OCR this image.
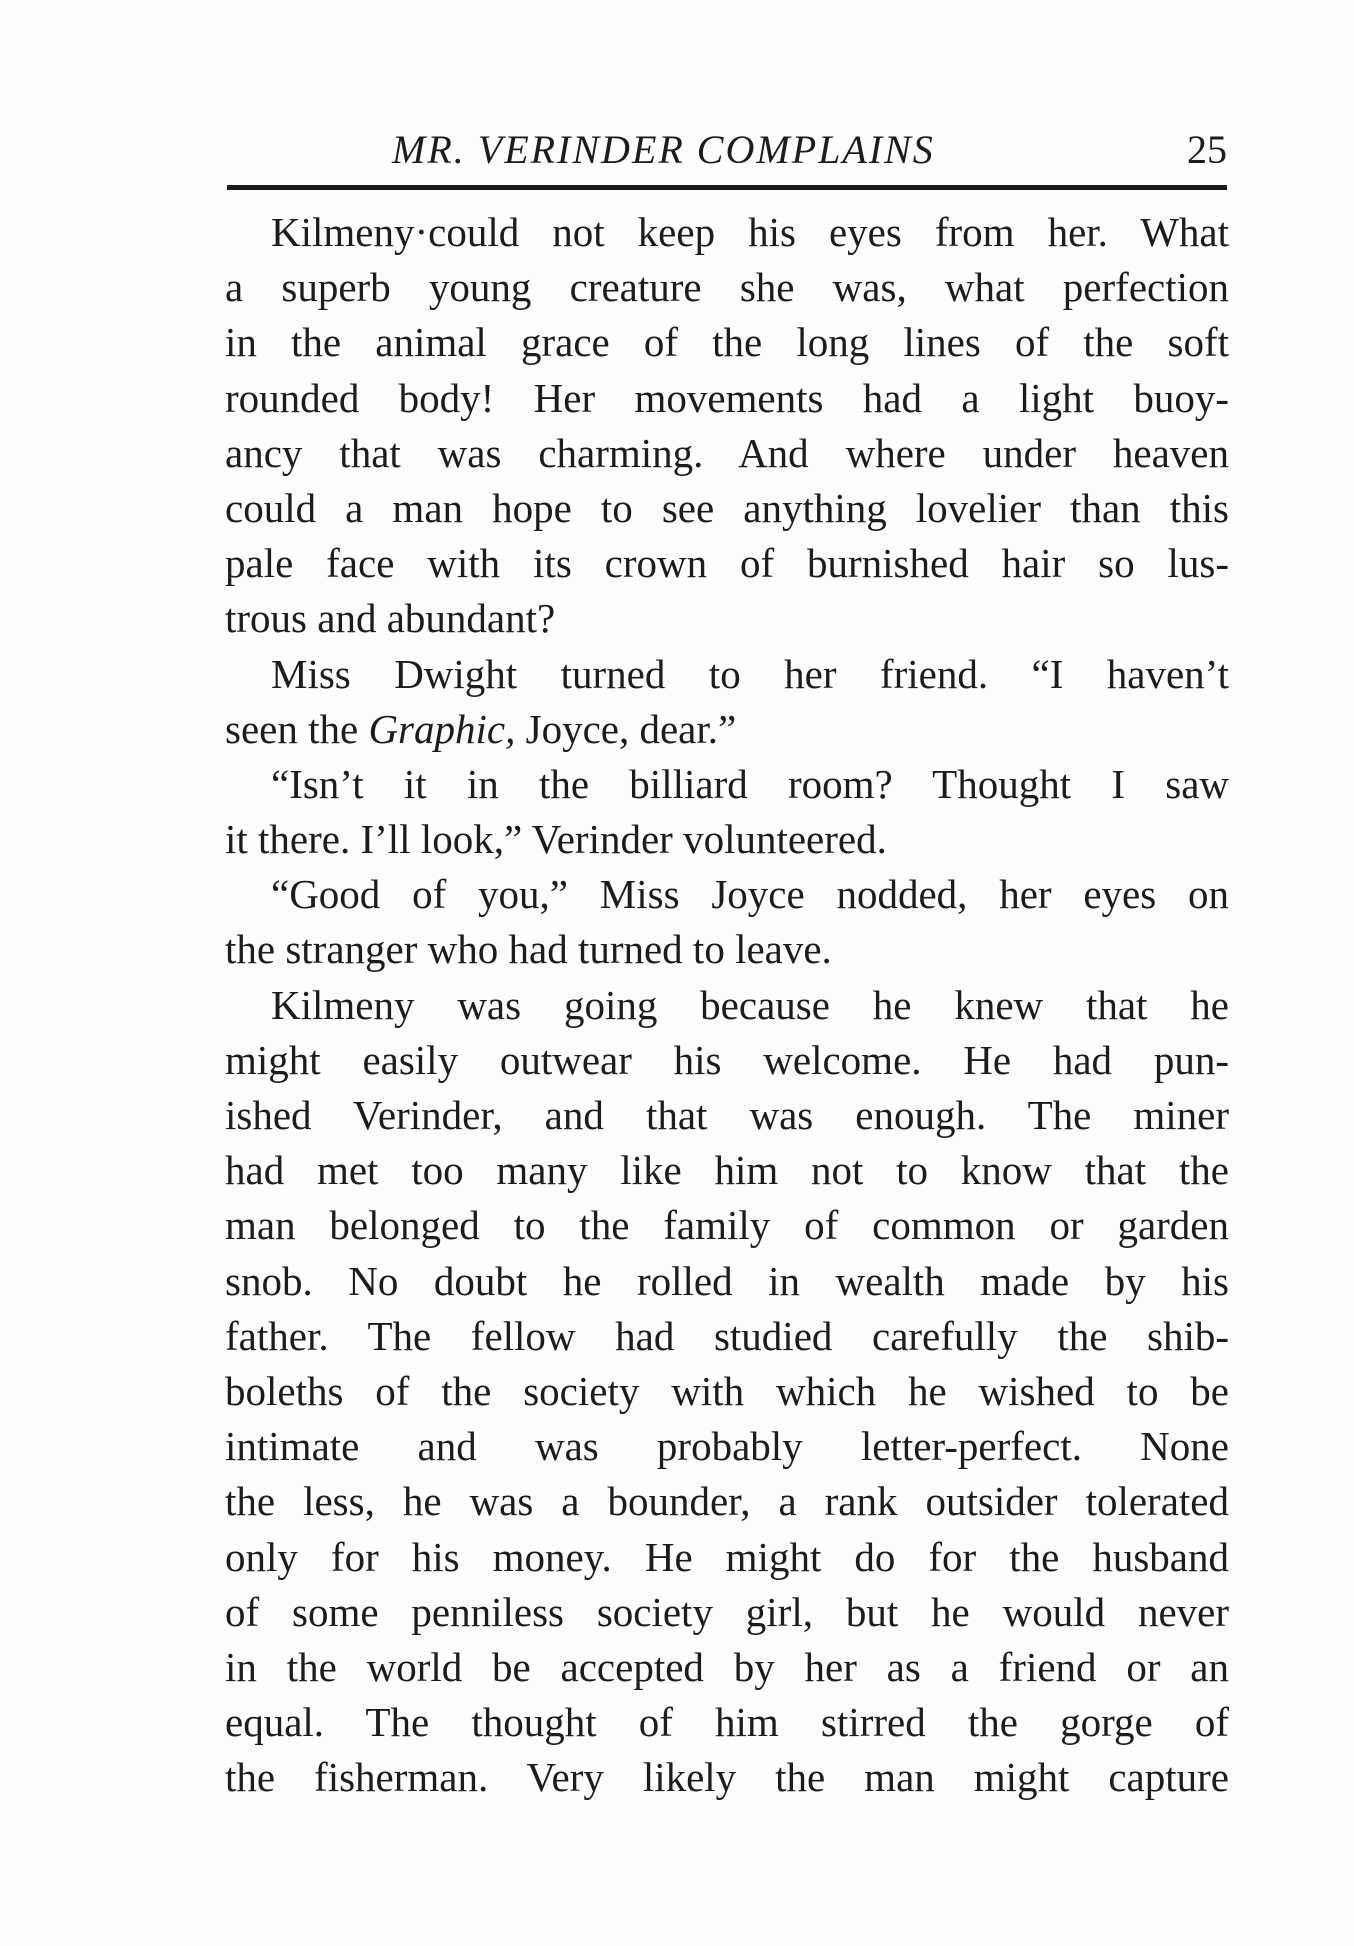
MR. VERINDER COMPLAINS	25
Kilmeny·could not keep his eyes from her. What
a superb young creature she was, what perfection
in the animal grace of the long lines of the soft
rounded body! Her movements had a light buoy-
ancy that was charming. And where under heaven
could a man hope to see anything lovelier than this
pale face with its crown of burnished hair so lus-
trous and abundant?
Miss Dwight turned to her friend. “I haven’t
seen the Graphic, Joyce, dear.”
“Isn’t it in the billiard room? Thought I saw
it there. I’ll look,” Verinder volunteered.
“Good of you,” Miss Joyce nodded, her eyes on
the stranger who had turned to leave.
Kilmeny was going because he knew that he
might easily outwear his welcome. He had pun-
ished Verinder, and that was enough. The miner
had met too many like him not to know that the
man belonged to the family of common or garden
snob. No doubt he rolled in wealth made by his
father. The fellow had studied carefully the shib-
boleths of the society with which he wished to be
intimate and was probably letter-perfect. None
the less, he was a bounder, a rank outsider tolerated
only for his money. He might do for the husband
of some penniless society girl, but he would never
in the world be accepted by her as a friend or an
equal. The thought of him stirred the gorge of
the fisherman. Very likely the man might capture
